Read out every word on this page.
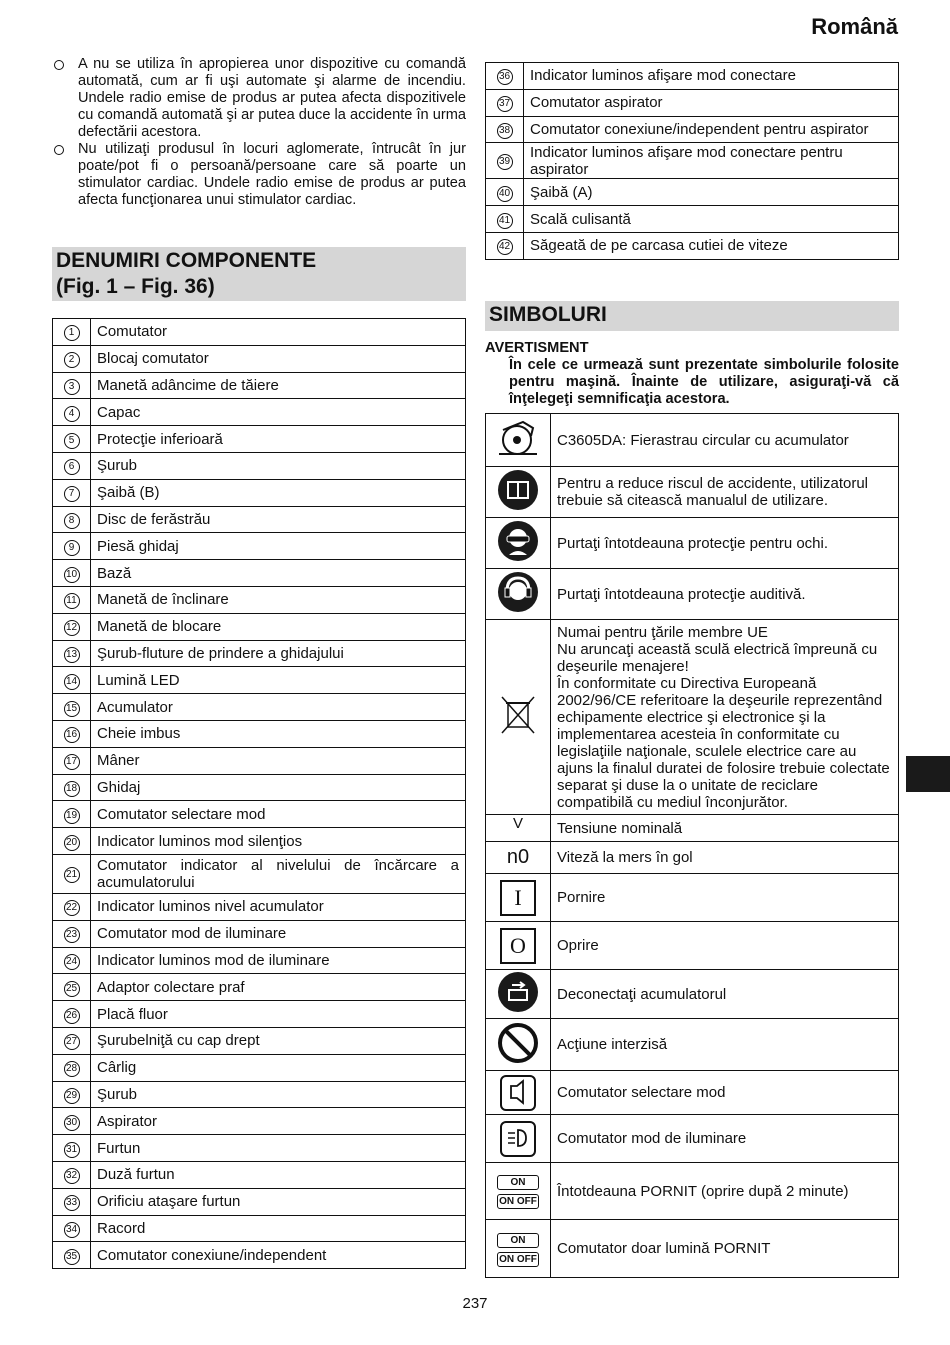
Română

A nu se utiliza în apropierea unor dispozitive cu comandă automată, cum ar fi uşi automate şi alarme de incendiu. Undele radio emise de produs ar putea afecta dispozitivele cu comandă automată şi ar putea duce la accidente în urma defectării acestora.

Nu utilizaţi produsul în locuri aglomerate, întrucât în jur poate/pot fi o persoană/persoane care să poarte un stimulator cardiac. Undele radio emise de produs ar putea afecta funcţionarea unui stimulator cardiac.

DENUMIRI COMPONENTE
(Fig. 1 – Fig. 36)
1	Comutator
2	Blocaj comutator
3	Manetă adâncime de tăiere
4	Capac
5	Protecţie inferioară
6	Şurub
7	Şaibă (B)
8	Disc de ferăstrău
9	Piesă ghidaj
10	Bază
11	Manetă de înclinare
12	Manetă de blocare
13	Şurub-fluture de prindere a ghidajului
14	Lumină LED
15	Acumulator
16	Cheie imbus
17	Mâner
18	Ghidaj
19	Comutator selectare mod
20	Indicator luminos mod silenţios
21	Comutator indicator al nivelului de încărcare a acumulatorului
22	Indicator luminos nivel acumulator
23	Comutator mod de iluminare
24	Indicator luminos mod de iluminare
25	Adaptor colectare praf
26	Placă fluor
27	Şurubelniţă cu cap drept
28	Cârlig
29	Şurub
30	Aspirator
31	Furtun
32	Duză furtun
33	Orificiu ataşare furtun
34	Racord
35	Comutator conexiune/independent
36	Indicator luminos afişare mod conectare
37	Comutator aspirator
38	Comutator conexiune/independent pentru aspirator
39	Indicator luminos afişare mod conectare pentru aspirator
40	Şaibă (A)
41	Scală culisantă
42	Săgeată de pe carcasa cutiei de viteze
SIMBOLURI
AVERTISMENT
În cele ce urmează sunt prezentate simbolurile folosite pentru maşină. Înainte de utilizare, asiguraţi-vă că înţelegeţi semnificaţia acestora.
	C3605DA: Fierastrau circular cu acumulator
	Pentru a reduce riscul de accidente, utilizatorul trebuie să citească manualul de utilizare.
	Purtaţi întotdeauna protecţie pentru ochi.
	Purtaţi întotdeauna protecţie auditivă.
	Numai pentru ţările membre UE
Nu aruncaţi această sculă electrică împreună cu deşeurile menajere!
În conformitate cu Directiva Europeană 2002/96/CE referitoare la deşeurile reprezentând echipamente electrice şi electronice şi la implementarea acesteia în conformitate cu legislaţiile naţionale, sculele electrice care au ajuns la finalul duratei de folosire trebuie colectate separat şi duse la o unitate de reciclare compatibilă cu mediul înconjurător.
V	Tensiune nominală
n0	Viteză la mers în gol
I	Pornire
O	Oprire
	Deconectaţi acumulatorul
	Acţiune interzisă
	Comutator selectare mod
	Comutator mod de iluminare
ON
ON OFF	Întotdeauna PORNIT (oprire după 2 minute)
ON
ON OFF	Comutator doar lumină PORNIT
237
